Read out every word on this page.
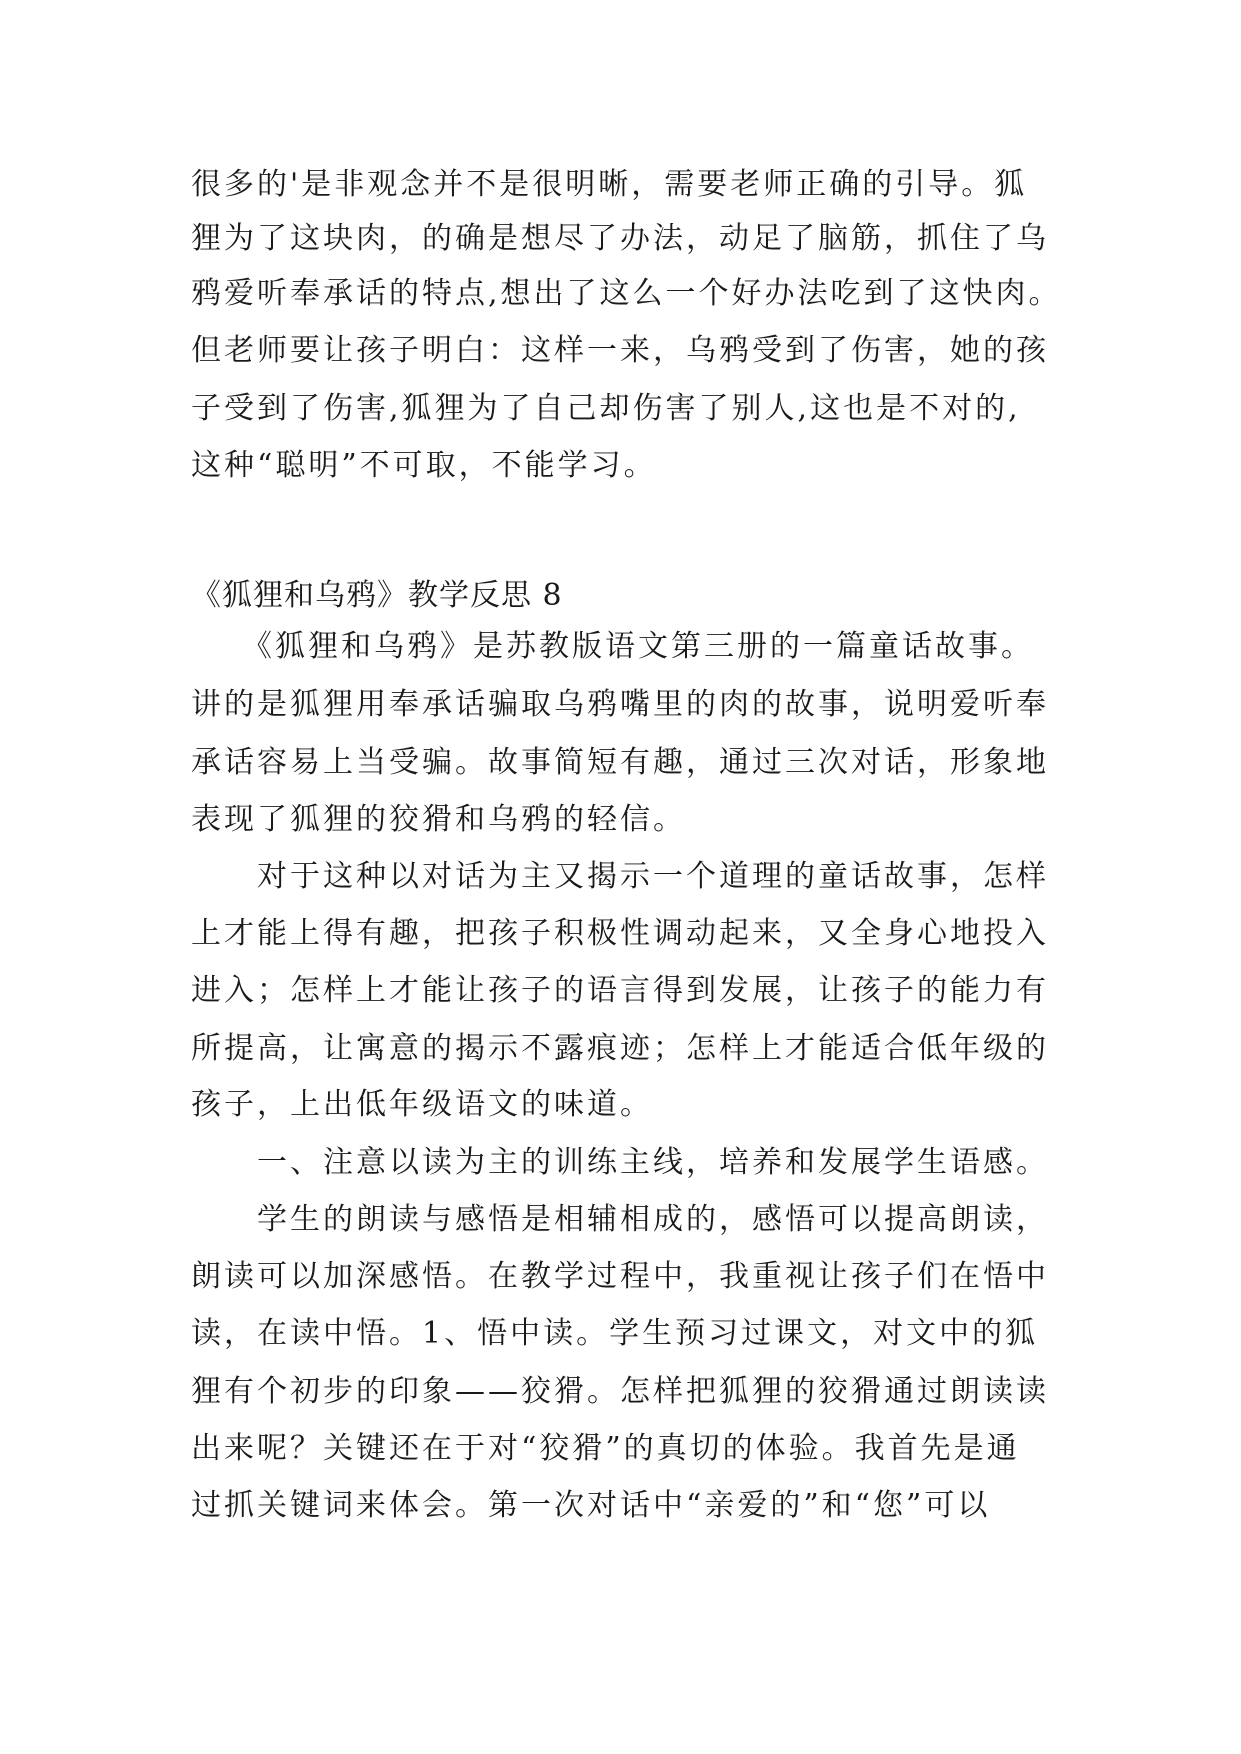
很多的'是非观念并不是很明晰，需要老师正确的引导。狐
狸为了这块肉，的确是想尽了办法，动足了脑筋，抓住了乌
鸦爱听奉承话的特点,想出了这么一个好办法吃到了这快肉。
但老师要让孩子明白：这样一来，乌鸦受到了伤害，她的孩
子受到了伤害,狐狸为了自己却伤害了别人,这也是不对的,
这种“聪明”不可取，不能学习。
《狐狸和乌鸦》教学反思 8
　　《狐狸和乌鸦》是苏教版语文第三册的一篇童话故事。
讲的是狐狸用奉承话骗取乌鸦嘴里的肉的故事，说明爱听奉
承话容易上当受骗。故事简短有趣，通过三次对话，形象地
表现了狐狸的狡猾和乌鸦的轻信。
　　对于这种以对话为主又揭示一个道理的童话故事，怎样
上才能上得有趣，把孩子积极性调动起来，又全身心地投入
进入；怎样上才能让孩子的语言得到发展，让孩子的能力有
所提高，让寓意的揭示不露痕迹；怎样上才能适合低年级的
孩子，上出低年级语文的味道。
　　一、注意以读为主的训练主线，培养和发展学生语感。
　　学生的朗读与感悟是相辅相成的，感悟可以提高朗读，
朗读可以加深感悟。在教学过程中，我重视让孩子们在悟中
读，在读中悟。1、悟中读。学生预习过课文，对文中的狐
狸有个初步的印象——狡猾。怎样把狐狸的狡猾通过朗读读
出来呢？关键还在于对“狡猾”的真切的体验。我首先是通
过抓关键词来体会。第一次对话中“亲爱的”和“您”可以
